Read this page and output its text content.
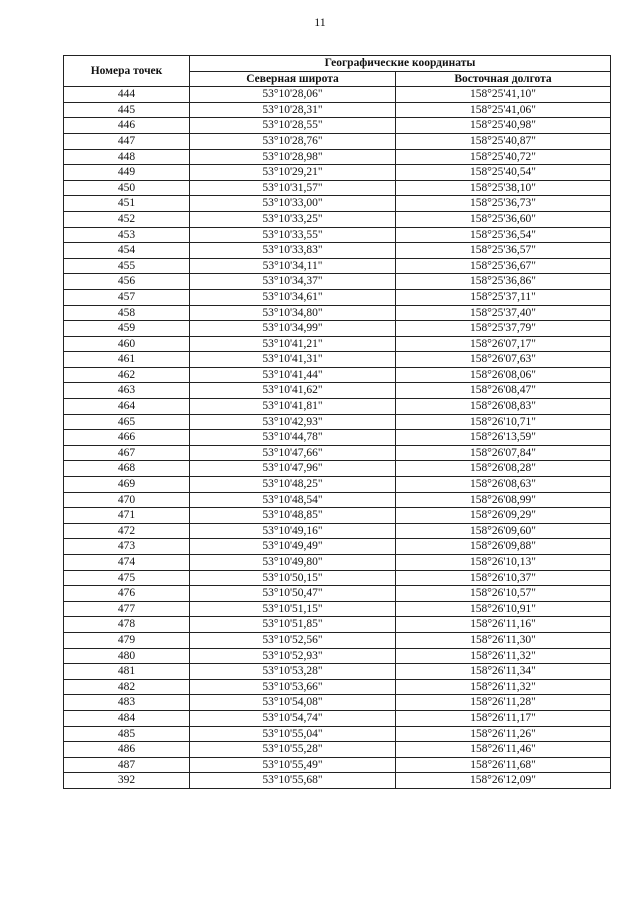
11
Номера точек	Географические координаты	
	Северная широта	Восточная долгота
444	53°10'28,06"	158°25'41,10"
445	53°10'28,31"	158°25'41,06"
446	53°10'28,55"	158°25'40,98"
447	53°10'28,76"	158°25'40,87"
448	53°10'28,98"	158°25'40,72"
449	53°10'29,21"	158°25'40,54"
450	53°10'31,57"	158°25'38,10"
451	53°10'33,00"	158°25'36,73"
452	53°10'33,25"	158°25'36,60"
453	53°10'33,55"	158°25'36,54"
454	53°10'33,83"	158°25'36,57"
455	53°10'34,11"	158°25'36,67"
456	53°10'34,37"	158°25'36,86"
457	53°10'34,61"	158°25'37,11"
458	53°10'34,80"	158°25'37,40"
459	53°10'34,99"	158°25'37,79"
460	53°10'41,21"	158°26'07,17"
461	53°10'41,31"	158°26'07,63"
462	53°10'41,44"	158°26'08,06"
463	53°10'41,62"	158°26'08,47"
464	53°10'41,81"	158°26'08,83"
465	53°10'42,93"	158°26'10,71"
466	53°10'44,78"	158°26'13,59"
467	53°10'47,66"	158°26'07,84"
468	53°10'47,96"	158°26'08,28"
469	53°10'48,25"	158°26'08,63"
470	53°10'48,54"	158°26'08,99"
471	53°10'48,85"	158°26'09,29"
472	53°10'49,16"	158°26'09,60"
473	53°10'49,49"	158°26'09,88"
474	53°10'49,80"	158°26'10,13"
475	53°10'50,15"	158°26'10,37"
476	53°10'50,47"	158°26'10,57"
477	53°10'51,15"	158°26'10,91"
478	53°10'51,85"	158°26'11,16"
479	53°10'52,56"	158°26'11,30"
480	53°10'52,93"	158°26'11,32"
481	53°10'53,28"	158°26'11,34"
482	53°10'53,66"	158°26'11,32"
483	53°10'54,08"	158°26'11,28"
484	53°10'54,74"	158°26'11,17"
485	53°10'55,04"	158°26'11,26"
486	53°10'55,28"	158°26'11,46"
487	53°10'55,49"	158°26'11,68"
392	53°10'55,68"	158°26'12,09"
